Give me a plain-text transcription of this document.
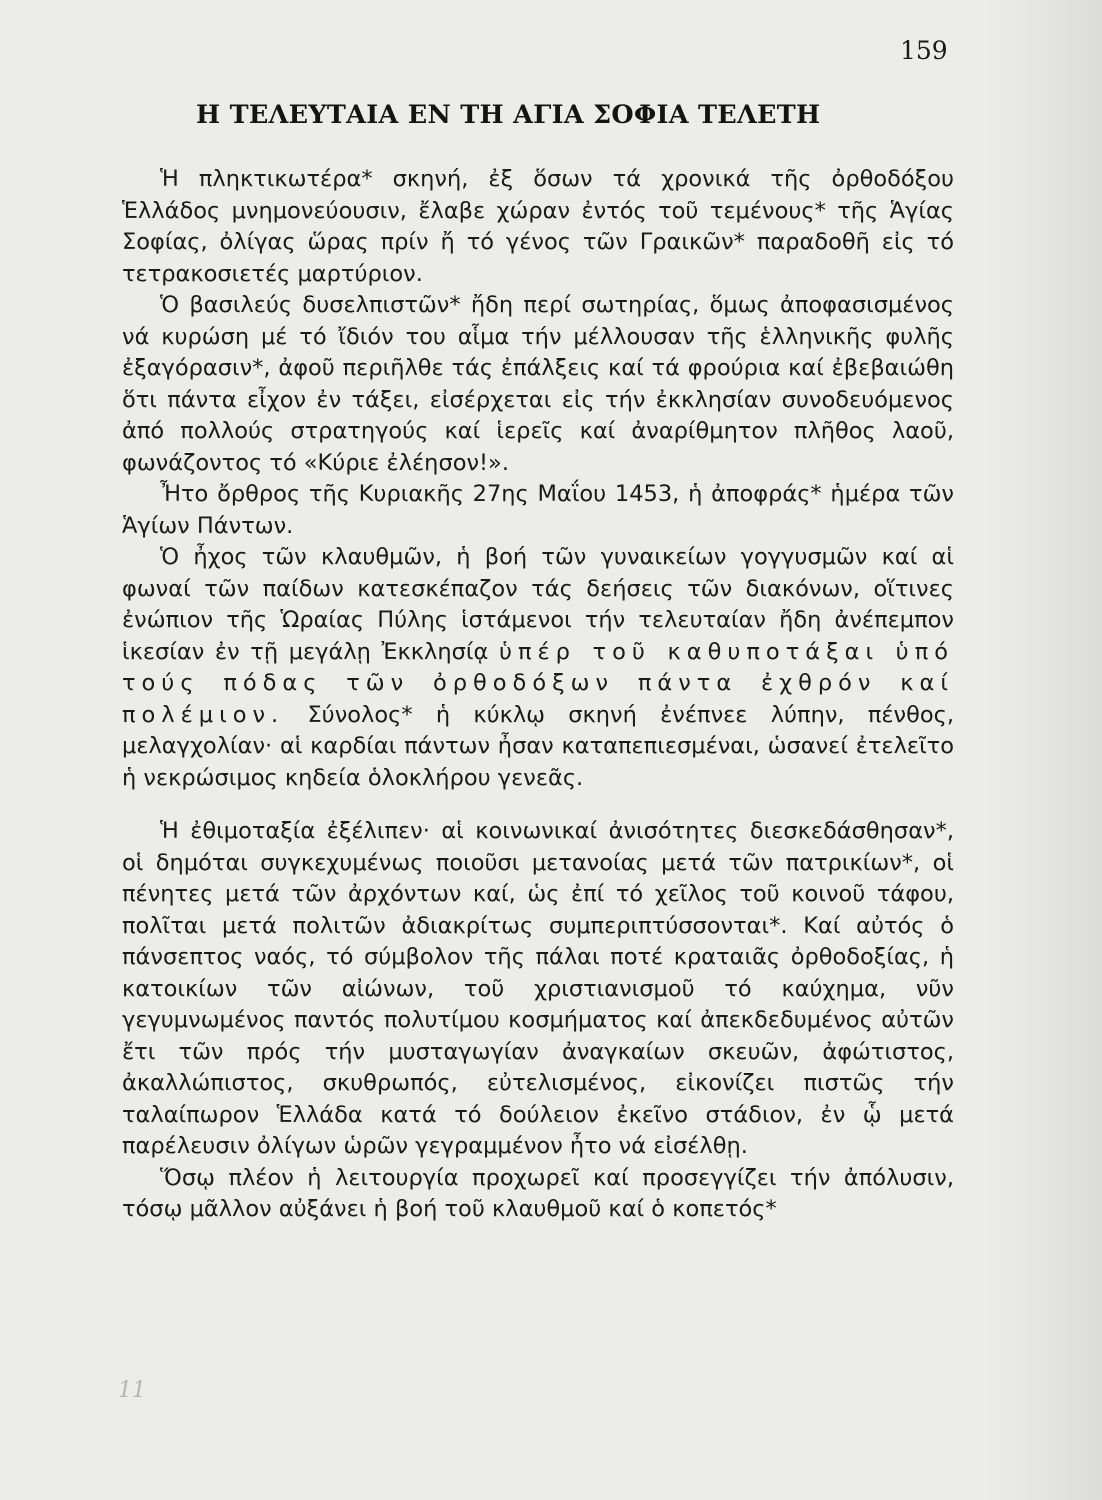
159
Η ΤΕΛΕΥΤΑΙΑ ΕΝ ΤΗ ΑΓΙΑ ΣΟΦΙΑ ΤΕΛΕΤΗ

Ἡ πληκτικωτέρα* σκηνή, ἐξ ὅσων τά χρονικά τῆς ὀρθοδόξου Ἑλλάδος μνημονεύουσιν, ἔλαβε χώραν ἐντός τοῦ τεμένους* τῆς Ἁγίας Σοφίας, ὀλίγας ὥρας πρίν ἤ τό γένος τῶν Γραικῶν* παραδοθῆ εἰς τό τετρακοσιετές μαρτύριον.

Ὁ βασιλεύς δυσελπιστῶν* ἤδη περί σωτηρίας, ὅμως ἀποφασισμένος νά κυρώση μέ τό ἴδιόν του αἷμα τήν μέλλουσαν τῆς ἑλληνικῆς φυλῆς ἐξαγόρασιν*, ἀφοῦ περιῆλθε τάς ἐπάλξεις καί τά φρούρια καί ἐβεβαιώθη ὅτι πάντα εἶχον ἐν τάξει, εἰσέρχεται εἰς τήν ἐκκλησίαν συνοδευόμενος ἀπό πολλούς στρατηγούς καί ἱερεῖς καί ἀναρίθμητον πλῆθος λαοῦ, φωνάζοντος τό «Κύριε ἐλέησον!».

Ἦτο ὄρθρος τῆς Κυριακῆς 27ης Μαΐου 1453, ἡ ἀποφράς* ἡμέρα τῶν Ἁγίων Πάντων.

Ὁ ἦχος τῶν κλαυθμῶν, ἡ βοή τῶν γυναικείων γογγυσμῶν καί αἱ φωναί τῶν παίδων κατεσκέπαζον τάς δεήσεις τῶν διακόνων, οἵτινες ἐνώπιον τῆς Ὡραίας Πύλης ἱστάμενοι τήν τελευταίαν ἤδη ἀνέπεμπον ἱκεσίαν ἐν τῇ μεγάλῃ Ἐκκλησίᾳ ὑπέρ τοῦ καθυποτάξαι ὑπό τούς πόδας τῶν ὀρθοδόξων πάντα ἐχθρόν καί πολέμιον. Σύνολος* ἡ κύκλῳ σκηνή ἐνέπνεε λύπην, πένθος, μελαγχολίαν· αἱ καρδίαι πάντων ἦσαν καταπεπιεσμέναι, ὡσανεί ἐτελεῖτο ἡ νεκρώσιμος κηδεία ὁλοκλήρου γενεᾶς.

Ἡ ἐθιμοταξία ἐξέλιπεν· αἱ κοινωνικαί ἀνισότητες διεσκεδάσθησαν*, οἱ δημόται συγκεχυμένως ποιοῦσι μετανοίας μετά τῶν πατρικίων*, οἱ πένητες μετά τῶν ἀρχόντων καί, ὡς ἐπί τό χεῖλος τοῦ κοινοῦ τάφου, πολῖται μετά πολιτῶν ἀδιακρίτως συμπεριπτύσσονται*. Καί αὐτός ὁ πάνσεπτος ναός, τό σύμβολον τῆς πάλαι ποτέ κραταιᾶς ὀρθοδοξίας, ἡ κατοικίων τῶν αἰώνων, τοῦ χριστιανισμοῦ τό καύχημα, νῦν γεγυμνωμένος παντός πολυτίμου κοσμήματος καί ἀπεκδεδυμένος αὐτῶν ἔτι τῶν πρός τήν μυσταγωγίαν ἀναγκαίων σκευῶν, ἀφώτιστος, ἀκαλλώπιστος, σκυθρωπός, εὐτελισμένος, εἰκονίζει πιστῶς τήν ταλαίπωρον Ἑλλάδα κατά τό δούλειον ἐκεῖνο στάδιον, ἐν ᾧ μετά παρέλευσιν ὀλίγων ὡρῶν γεγραμμένον ἦτο νά εἰσέλθῃ.

Ὅσῳ πλέον ἡ λειτουργία προχωρεῖ καί προσεγγίζει τήν ἀπόλυσιν, τόσῳ μᾶλλον αὐξάνει ἡ βοή τοῦ κλαυθμοῦ καί ὁ κοπετός*

11
